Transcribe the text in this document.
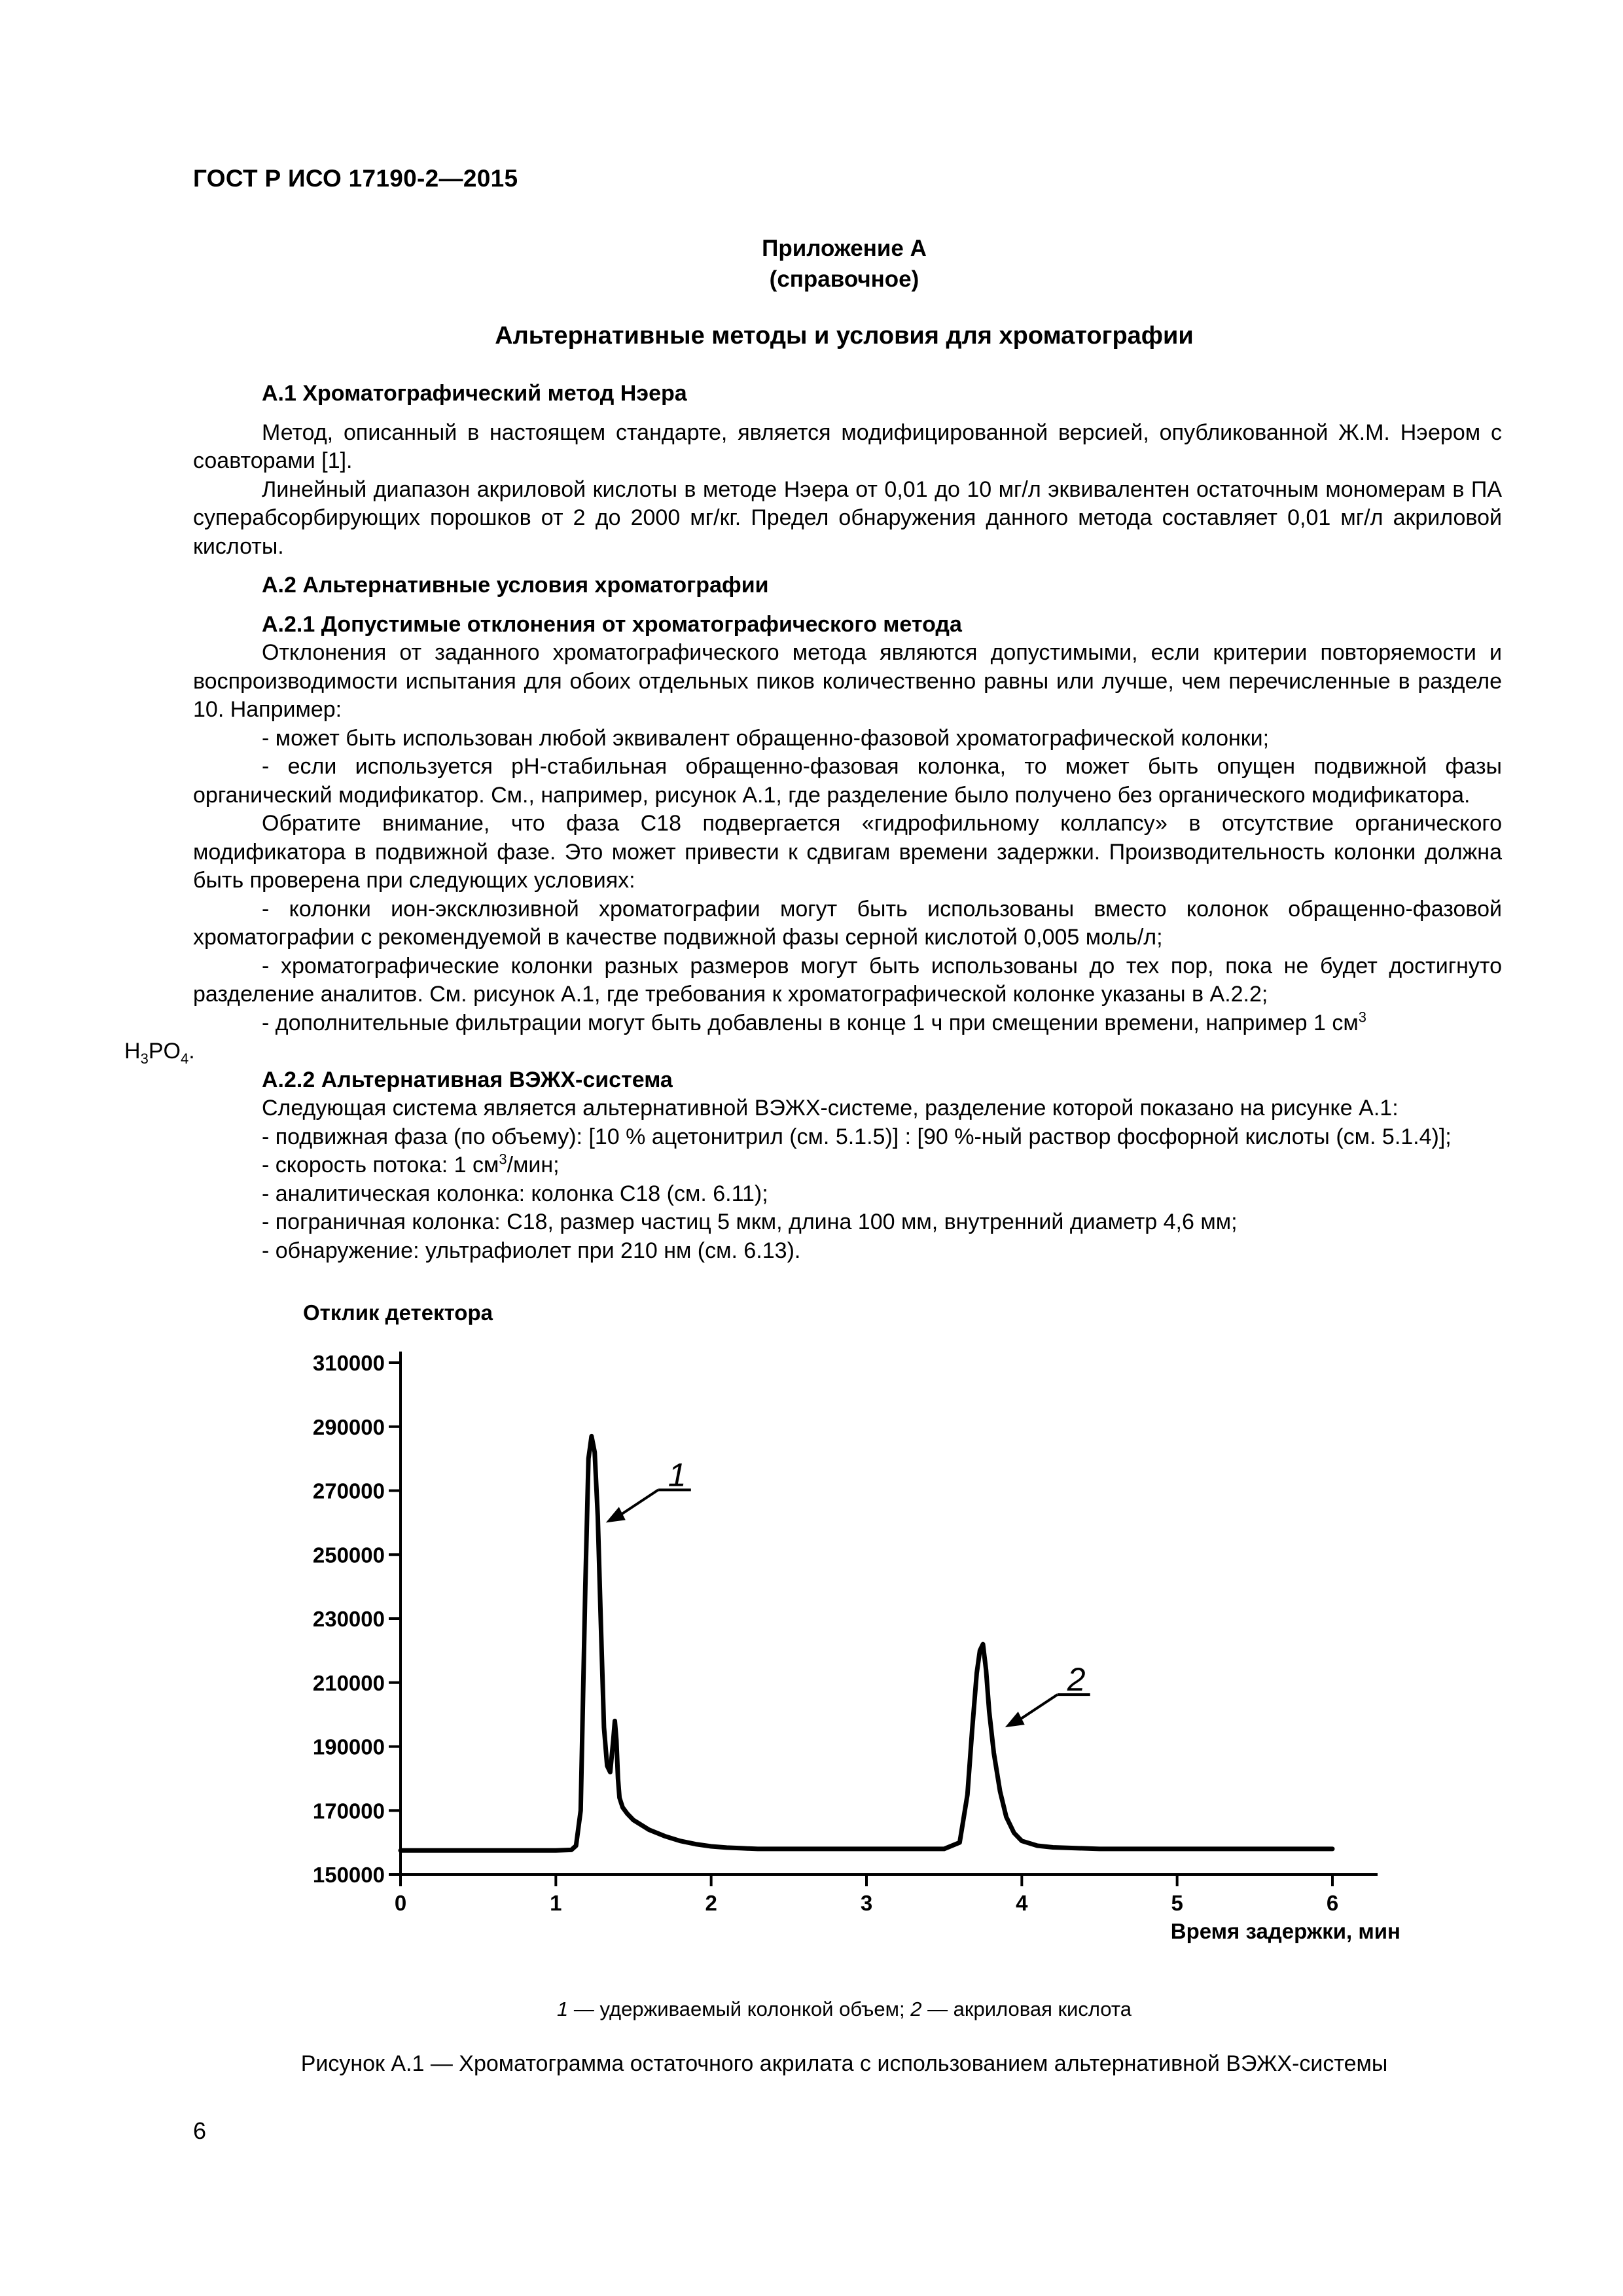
ГОСТ Р ИСО 17190-2—2015
Приложение А
(справочное)
Альтернативные методы и условия для хроматографии

А.1 Хроматографический метод Нэера

Метод, описанный в настоящем стандарте, является модифицированной версией, опубликованной Ж.М. Нэером с соавторами [1].

Линейный диапазон акриловой кислоты в методе Нэера от 0,01 до 10 мг/л эквивалентен остаточным мономерам в ПА суперабсорбирующих порошков от 2 до 2000 мг/кг. Предел обнаружения данного метода составляет 0,01 мг/л акриловой кислоты.

А.2 Альтернативные условия хроматографии

А.2.1 Допустимые отклонения от хроматографического метода

Отклонения от заданного хроматографического метода являются допустимыми, если критерии повторяемости и воспроизводимости испытания для обоих отдельных пиков количественно равны или лучше, чем перечисленные в разделе 10. Например:

- может быть использован любой эквивалент обращенно-фазовой хроматографической колонки;

- если используется pH-стабильная обращенно-фазовая колонка, то может быть опущен подвижной фазы органический модификатор. См., например, рисунок А.1, где разделение было получено без органического модификатора.

Обратите внимание, что фаза С18 подвергается «гидрофильному коллапсу» в отсутствие органического модификатора в подвижной фазе. Это может привести к сдвигам времени задержки. Производительность колонки должна быть проверена при следующих условиях:

- колонки ион-эксклюзивной хроматографии могут быть использованы вместо колонок обращенно-фазовой хроматографии с рекомендуемой в качестве подвижной фазы серной кислотой 0,005 моль/л;

- хроматографические колонки разных размеров могут быть использованы до тех пор, пока не будет достигнуто разделение аналитов. См. рисунок А.1, где требования к хроматографической колонке указаны в А.2.2;

- дополнительные фильтрации могут быть добавлены в конце 1 ч при смещении времени, например 1 $см^3$
$H_3PO_4$.

А.2.2 Альтернативная ВЭЖХ-система

Следующая система является альтернативной ВЭЖХ-системе, разделение которой показано на рисунке А.1:

- подвижная фаза (по объему): [10 % ацетонитрил (см. 5.1.5)] : [90 %-ный раствор фосфорной кислоты (см. 5.1.4)];

- скорость потока: 1 $см^3$/мин;

- аналитическая колонка: колонка С18 (см. 6.11);

- пограничная колонка: С18, размер частиц 5 мкм, длина 100 мм, внутренний диаметр 4,6 мм;

- обнаружение: ультрафиолет при 210 нм (см. 6.13).

150000
170000
190000
210000
230000
250000
270000
290000
310000
0	1	2	3	4	5	6
Отклик детектора
Время задержки, мин
1
2
1 — удерживаемый колонкой объем; 2 — акриловая кислота
Рисунок А.1 — Хроматограмма остаточного акрилата с использованием альтернативной ВЭЖХ-системы
6
